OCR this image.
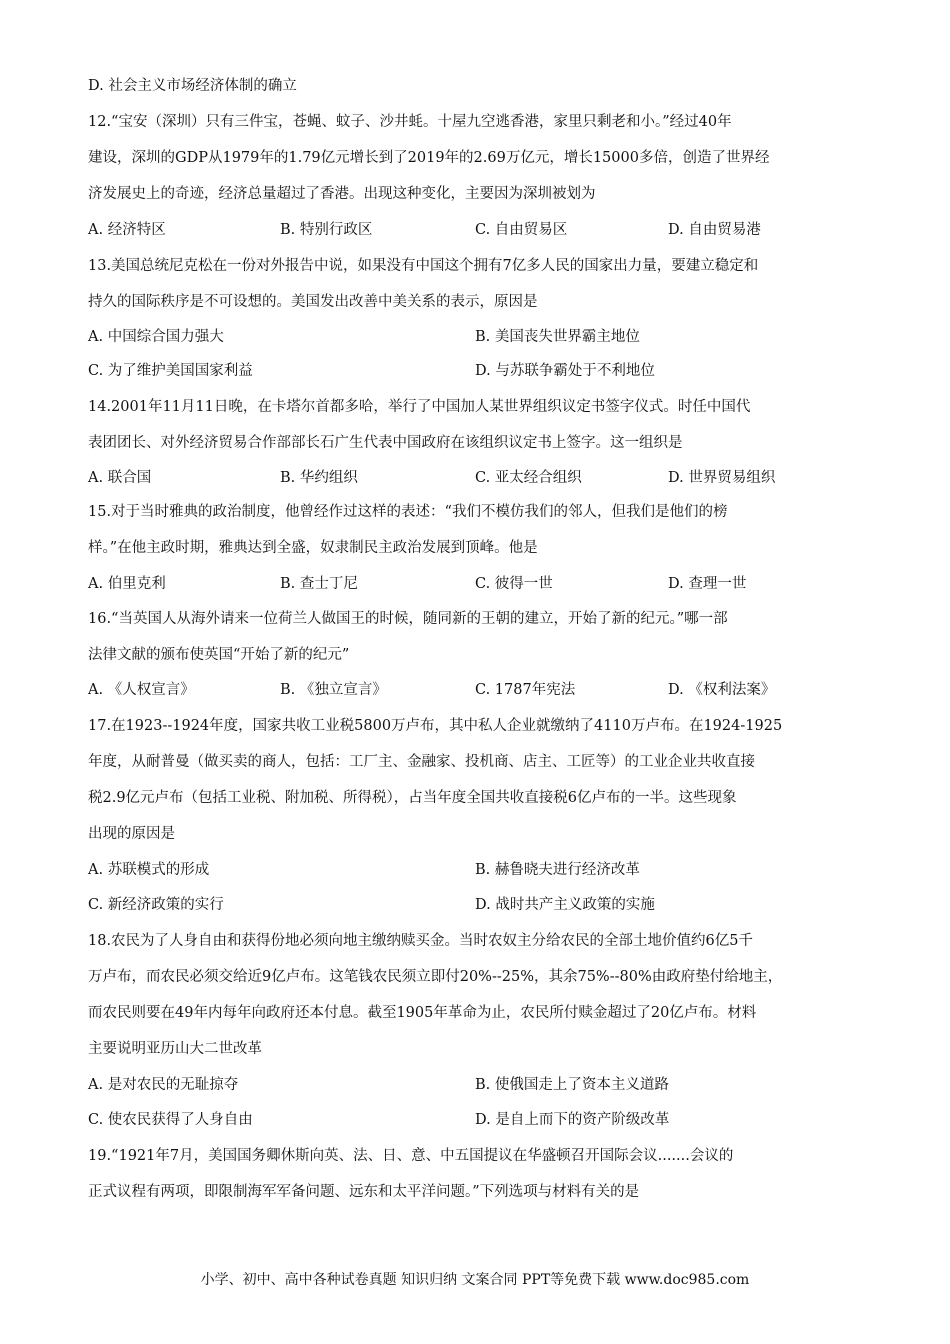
D. 社会主义市场经济体制的确立
12.“宝安（深圳）只有三件宝，苍蝇、蚊子、沙井蚝。十屋九空逃香港，家里只剩老和小。”经过40年
建设，深圳的GDP从1979年的1.79亿元增长到了2019年的2.69万亿元，增长15000多倍，创造了世界经
济发展史上的奇迹，经济总量超过了香港。出现这种变化，主要因为深圳被划为
A. 经济特区	B. 特别行政区	C. 自由贸易区	D. 自由贸易港
13.美国总统尼克松在一份对外报告中说，如果没有中国这个拥有7亿多人民的国家出力量，要建立稳定和
持久的国际秩序是不可设想的。美国发出改善中美关系的表示，原因是
A. 中国综合国力强大	B. 美国丧失世界霸主地位
C. 为了维护美国国家利益	D. 与苏联争霸处于不利地位
14.2001年11月11日晚，在卡塔尔首都多哈，举行了中国加人某世界组织议定书签字仪式。时任中国代
表团团长、对外经济贸易合作部部长石广生代表中国政府在该组织议定书上签字。这一组织是
A. 联合国	B. 华约组织	C. 亚太经合组织	D. 世界贸易组织
15.对于当时雅典的政治制度，他曾经作过这样的表述：“我们不模仿我们的邻人，但我们是他们的榜
样。”在他主政时期，雅典达到全盛，奴隶制民主政治发展到顶峰。他是
A. 伯里克利	B. 查士丁尼	C. 彼得一世	D. 查理一世
16.“当英国人从海外请来一位荷兰人做国王的时候，随同新的王朝的建立，开始了新的纪元。”哪一部
法律文献的颁布使英国“开始了新的纪元”
A. 《人权宣言》	B. 《独立宣言》	C. 1787年宪法	D. 《权利法案》
17.在1923--1924年度，国家共收工业税5800万卢布，其中私人企业就缴纳了4110万卢布。在1924-1925
年度，从耐普曼（做买卖的商人，包括：工厂主、金融家、投机商、店主、工匠等）的工业企业共收直接
税2.9亿元卢布（包括工业税、附加税、所得税），占当年度全国共收直接税6亿卢布的一半。这些现象
出现的原因是
A. 苏联模式的形成	B. 赫鲁晓夫进行经济改革
C. 新经济政策的实行	D. 战时共产主义政策的实施
18.农民为了人身自由和获得份地必须向地主缴纳赎买金。当时农奴主分给农民的全部土地价值约6亿5千
万卢布，而农民必须交给近9亿卢布。这笔钱农民须立即付20%--25%，其余75%--80%由政府垫付给地主，
而农民则要在49年内每年向政府还本付息。截至1905年革命为止，农民所付赎金超过了20亿卢布。材料
主要说明亚历山大二世改革
A. 是对农民的无耻掠夺	B. 使俄国走上了资本主义道路
C. 使农民获得了人身自由	D. 是自上而下的资产阶级改革
19.“1921年7月，美国国务卿休斯向英、法、日、意、中五国提议在华盛顿召开国际会议.......会议的
正式议程有两项，即限制海军军备问题、远东和太平洋问题。”下列选项与材料有关的是
小学、初中、高中各种试卷真题 知识归纳 文案合同 PPT等免费下载 www.doc985.com
